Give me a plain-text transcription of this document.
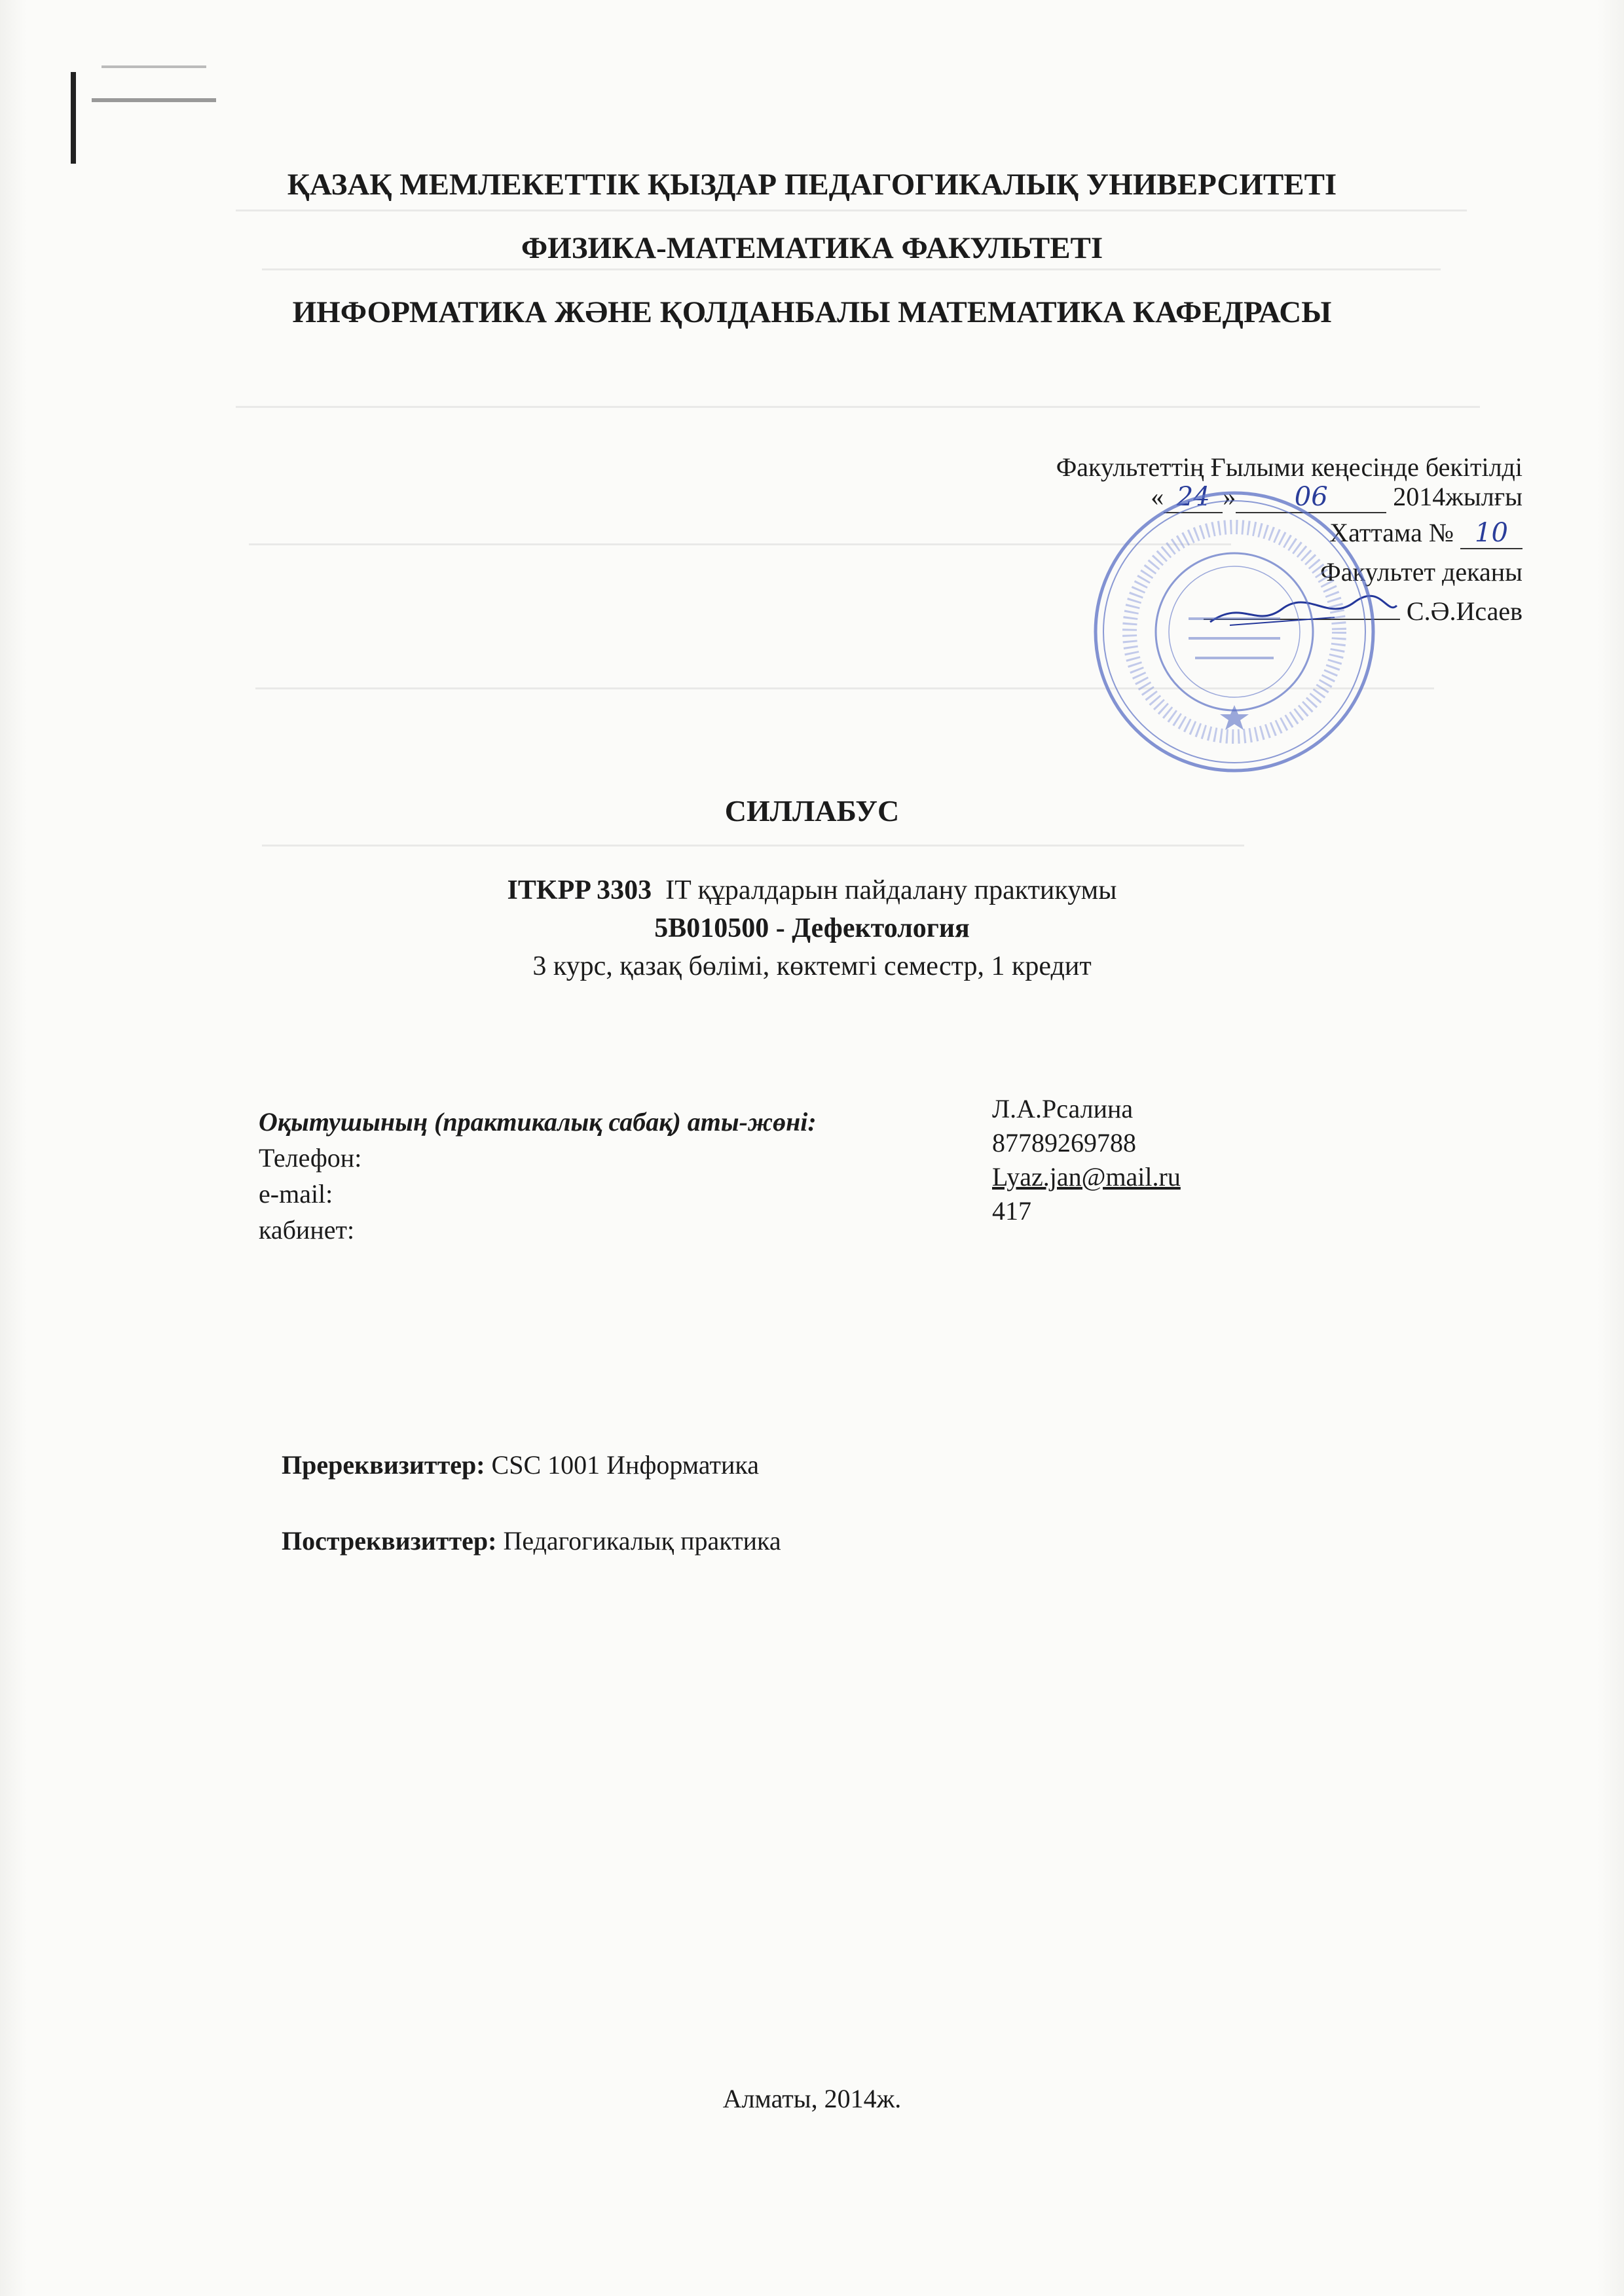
ҚАЗАҚ МЕМЛЕКЕТТІК ҚЫЗДАР ПЕДАГОГИКАЛЫҚ УНИВЕРСИТЕТІ
ФИЗИКА-МАТЕМАТИКА ФАКУЛЬТЕТІ
ИНФОРМАТИКА ЖӘНЕ ҚОЛДАНБАЛЫ МАТЕМАТИКА КАФЕДРАСЫ
Факультеттің Ғылыми кеңесінде бекітілді
« 24 » 06 2014жылғы
Хаттама № 10
Факультет деканы
С.Ә.Исаев
СИЛЛАБУС
ITKPP 3303 IT құралдарын пайдалану практикумы
5В010500 - Дефектология
3 курс, қазақ бөлімі, көктемгі семестр, 1 кредит
Оқытушының (практикалық сабақ) аты-жөні:	Л.А.Рсалина
Телефон:
87789269788
e-mail:
Lyaz.jan@mail.ru
кабинет:
417
Пререквизиттер: CSC 1001 Информатика
Постреквизиттер: Педагогикалық практика
Алматы, 2014ж.
